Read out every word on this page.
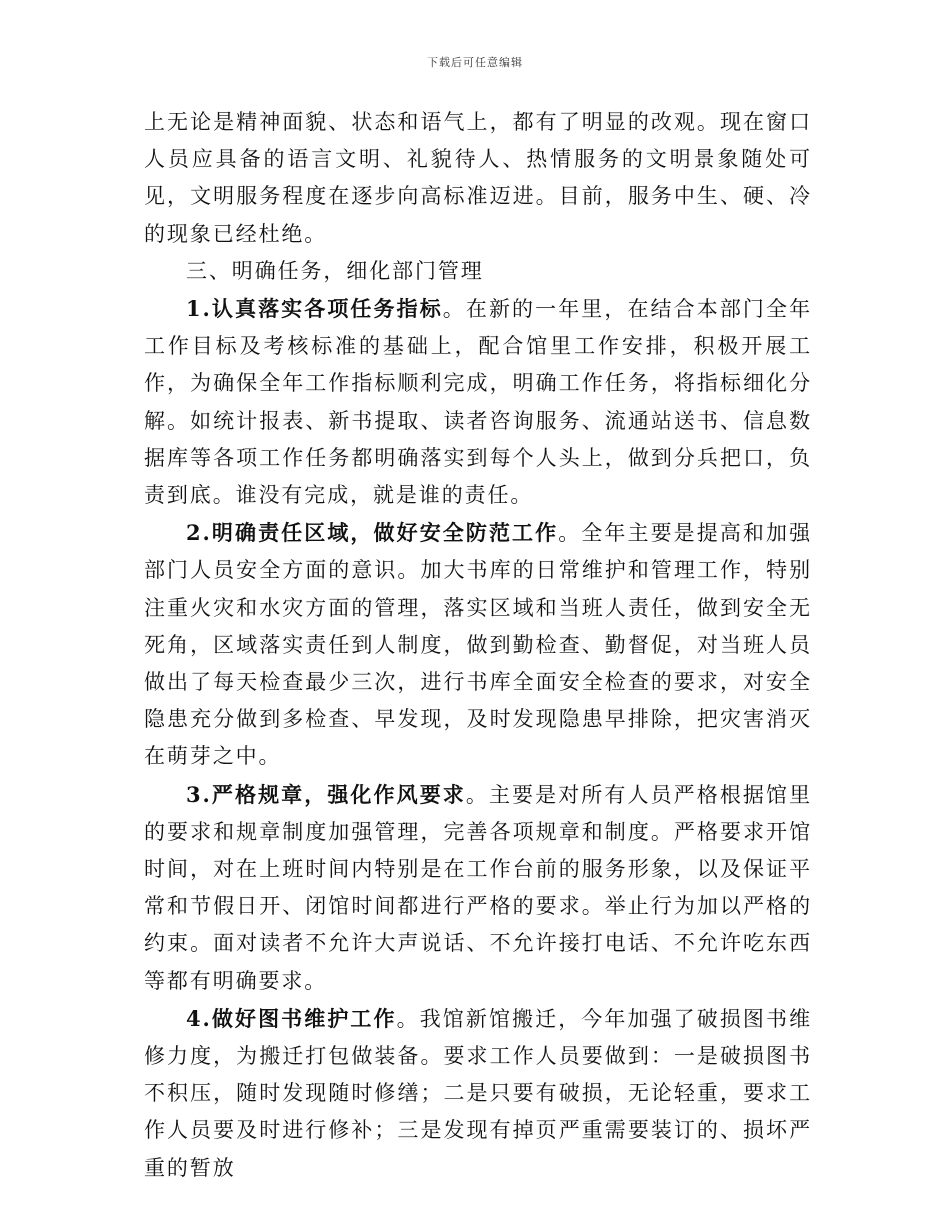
下载后可任意编辑

上无论是精神面貌、状态和语气上，都有了明显的改观。现在窗口人员应具备的语言文明、礼貌待人、热情服务的文明景象随处可见，文明服务程度在逐步向高标准迈进。目前，服务中生、硬、冷的现象已经杜绝。

三、明确任务，细化部门管理

1.认真落实各项任务指标。在新的一年里，在结合本部门全年工作目标及考核标准的基础上，配合馆里工作安排，积极开展工作，为确保全年工作指标顺利完成，明确工作任务，将指标细化分解。如统计报表、新书提取、读者咨询服务、流通站送书、信息数据库等各项工作任务都明确落实到每个人头上，做到分兵把口，负责到底。谁没有完成，就是谁的责任。

2.明确责任区域，做好安全防范工作。全年主要是提高和加强部门人员安全方面的意识。加大书库的日常维护和管理工作，特别注重火灾和水灾方面的管理，落实区域和当班人责任，做到安全无死角，区域落实责任到人制度，做到勤检查、勤督促，对当班人员做出了每天检查最少三次，进行书库全面安全检查的要求，对安全隐患充分做到多检查、早发现，及时发现隐患早排除，把灾害消灭在萌芽之中。

3.严格规章，强化作风要求。主要是对所有人员严格根据馆里的要求和规章制度加强管理，完善各项规章和制度。严格要求开馆时间，对在上班时间内特别是在工作台前的服务形象，以及保证平常和节假日开、闭馆时间都进行严格的要求。举止行为加以严格的约束。面对读者不允许大声说话、不允许接打电话、不允许吃东西等都有明确要求。

4.做好图书维护工作。我馆新馆搬迁，今年加强了破损图书维修力度，为搬迁打包做装备。要求工作人员要做到：一是破损图书不积压，随时发现随时修缮；二是只要有破损，无论轻重，要求工作人员要及时进行修补；三是发现有掉页严重需要装订的、损坏严重的暂放
